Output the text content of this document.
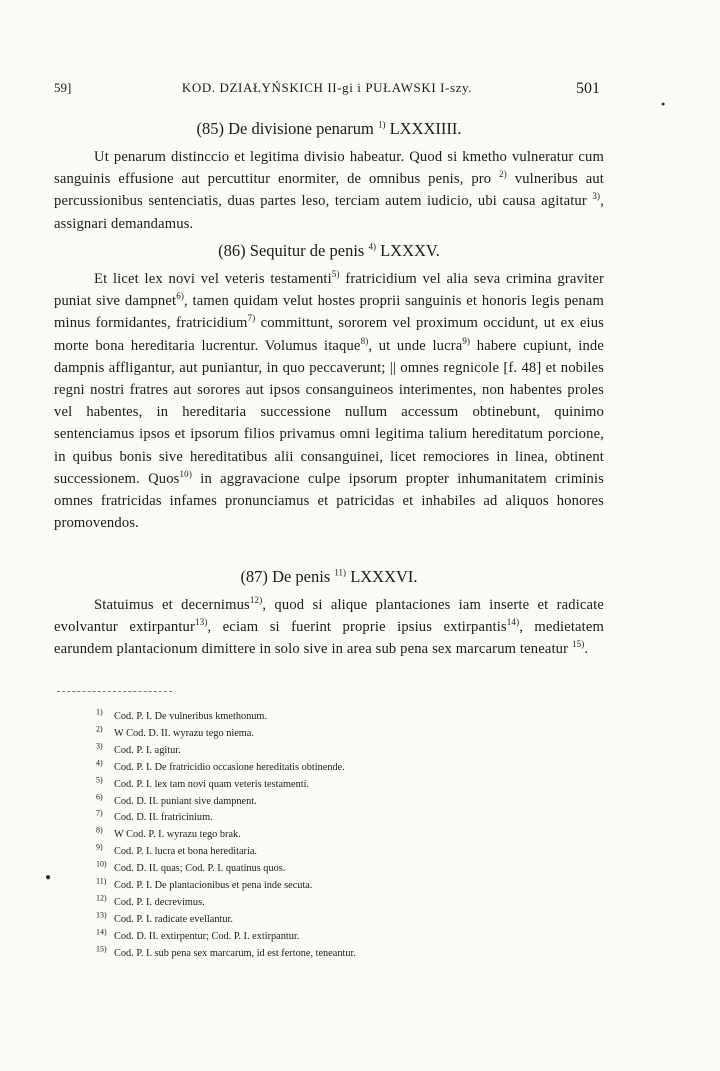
59]	KOD. DZIAŁYŃSKICH II-gi i PUŁAWSKI I-szy.	501

(85) De divisione penarum $^{1)}$ LXXXIIII.

Ut penarum distinccio et legitima divisio habeatur. Quod si kmetho vulneratur cum sanguinis effusione aut percuttitur enormiter, de omnibus penis, pro $^{2)}$ vulneribus aut percussionibus sentenciatis, duas partes leso, terciam autem iudicio, ubi causa agitatur $^{3)}$, assignari demandamus.

(86) Sequitur de penis $^{4)}$ LXXXV.

Et licet lex novi vel veteris testamenti$^{5)}$ fratricidium vel alia seva crimina graviter puniat sive dampnet$^{6)}$, tamen quidam velut hostes proprii sanguinis et honoris legis penam minus formidantes, fratricidium$^{7)}$ committunt, sororem vel proximum occidunt, ut ex eius morte bona hereditaria lucrentur. Volumus itaque$^{8)}$, ut unde lucra$^{9)}$ habere cupiunt, inde dampnis affligantur, aut puniantur, in quo peccaverunt; || omnes regnicole [f. 48] et nobiles regni nostri fratres aut sorores aut ipsos consanguineos interimentes, non habentes proles vel habentes, in hereditaria successione nullum accessum obtinebunt, quinimo sentenciamus ipsos et ipsorum filios privamus omni legitima talium hereditatum porcione, in quibus bonis sive hereditatibus alii consanguinei, licet remociores in linea, obtinent successionem. Quos$^{10)}$ in aggravacione culpe ipsorum propter inhumanitatem criminis omnes fratricidas infames pronunciamus et patricidas et inhabiles ad aliquos honores promovendos.

(87) De penis $^{11)}$ LXXXVI.

Statuimus et decernimus$^{12)}$, quod si alique plantaciones iam inserte et radicate evolvantur extirpantur$^{13)}$, eciam si fuerint proprie ipsius extirpantis$^{14)}$, medietatem earundem plantacionum dimittere in solo sive in area sub pena sex marcarum teneatur $^{15)}$.

$^{1)}$ Cod. P. I. De vulneribus kmethonum.
$^{2)}$ W Cod. D. II. wyrazu tego niema.
$^{3)}$ Cod. P. I. agitur.
$^{4)}$ Cod. P. I. De fratricidio occasione hereditatis obtinende.
$^{5)}$ Cod. P. I. lex tam novi quam veteris testamenti.
$^{6)}$ Cod. D. II. puniant sive dampnent.
$^{7)}$ Cod. D. II. fratricinium.
$^{8)}$ W Cod. P. I. wyrazu tego brak.
$^{9)}$ Cod. P. I. lucra et bona hereditaria.
$^{10)}$ Cod. D. II. quas; Cod. P. I. quatinus quos.
$^{11)}$ Cod. P. I. De plantacionibus et pena inde secuta.
$^{12)}$ Cod. P. I. decrevimus.
$^{13)}$ Cod. P. I. radicate evellantur.
$^{14)}$ Cod. D. II. extirpentur; Cod. P. I. extirpantur.
$^{15)}$ Cod. P. I. sub pena sex marcarum, id est fertone, teneantur.
●
●
